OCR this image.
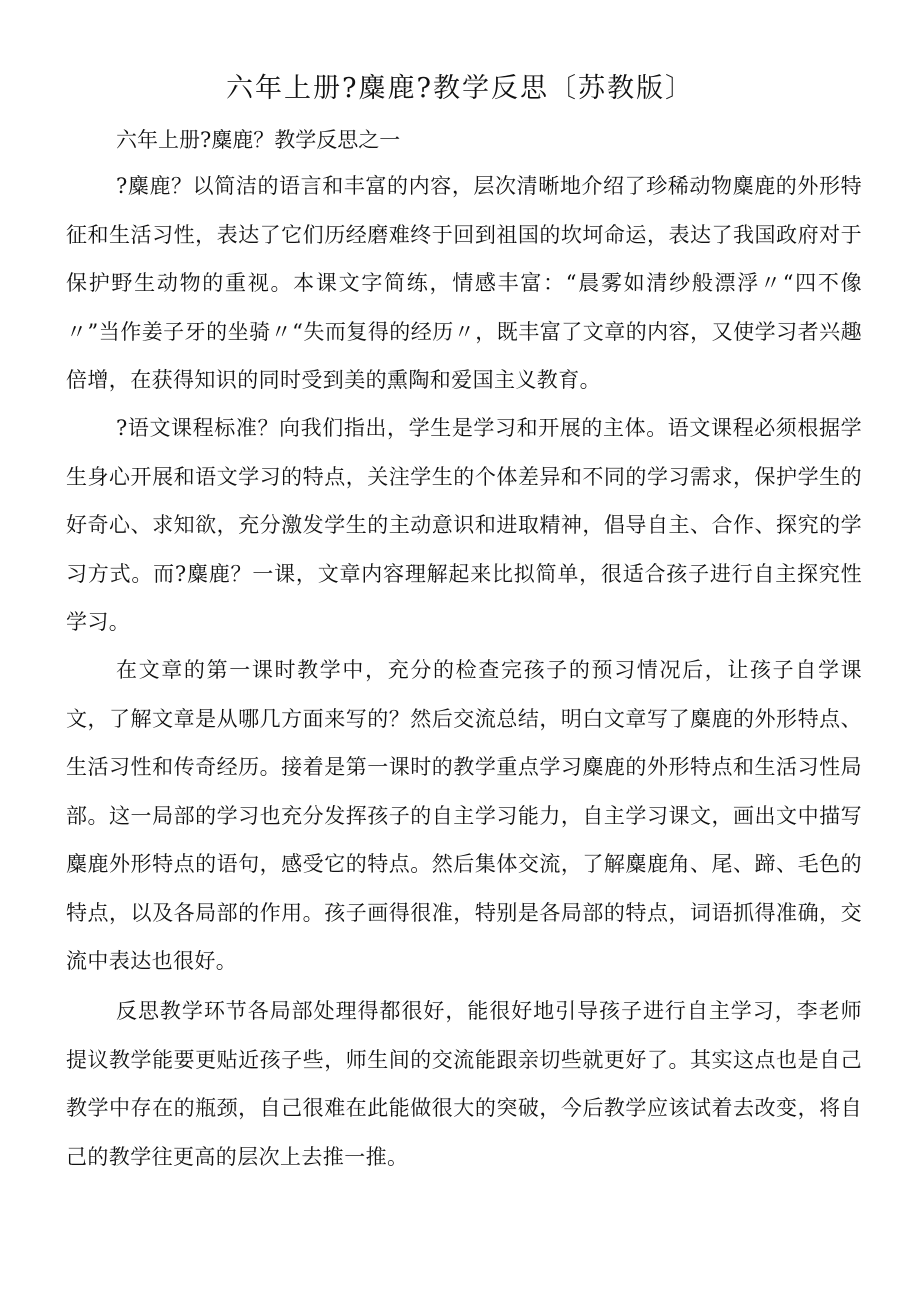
六年上册?麋鹿?教学反思〔苏教版〕

六年上册?麋鹿？教学反思之一

?麋鹿？以简洁的语言和丰富的内容，层次清晰地介绍了珍稀动物麋鹿的外形特征和生活习性，表达了它们历经磨难终于回到祖国的坎坷命运，表达了我国政府对于保护野生动物的重视。本课文字简练，情感丰富：“晨雾如清纱般漂浮〃“四不像〃”当作姜子牙的坐骑〃“失而复得的经历〃，既丰富了文章的内容，又使学习者兴趣倍增，在获得知识的同时受到美的熏陶和爱国主义教育。

?语文课程标准？向我们指出，学生是学习和开展的主体。语文课程必须根据学生身心开展和语文学习的特点，关注学生的个体差异和不同的学习需求，保护学生的好奇心、求知欲，充分激发学生的主动意识和进取精神，倡导自主、合作、探究的学习方式。而?麋鹿？一课，文章内容理解起来比拟简单，很适合孩子进行自主探究性学习。

在文章的第一课时教学中，充分的检查完孩子的预习情况后，让孩子自学课文，了解文章是从哪几方面来写的？然后交流总结，明白文章写了麋鹿的外形特点、生活习性和传奇经历。接着是第一课时的教学重点学习麋鹿的外形特点和生活习性局部。这一局部的学习也充分发挥孩子的自主学习能力，自主学习课文，画出文中描写麋鹿外形特点的语句，感受它的特点。然后集体交流，了解麋鹿角、尾、蹄、毛色的特点，以及各局部的作用。孩子画得很准，特别是各局部的特点，词语抓得准确，交流中表达也很好。

反思教学环节各局部处理得都很好，能很好地引导孩子进行自主学习，李老师提议教学能要更贴近孩子些，师生间的交流能跟亲切些就更好了。其实这点也是自己教学中存在的瓶颈，自己很难在此能做很大的突破，今后教学应该试着去改变，将自己的教学往更高的层次上去推一推。
